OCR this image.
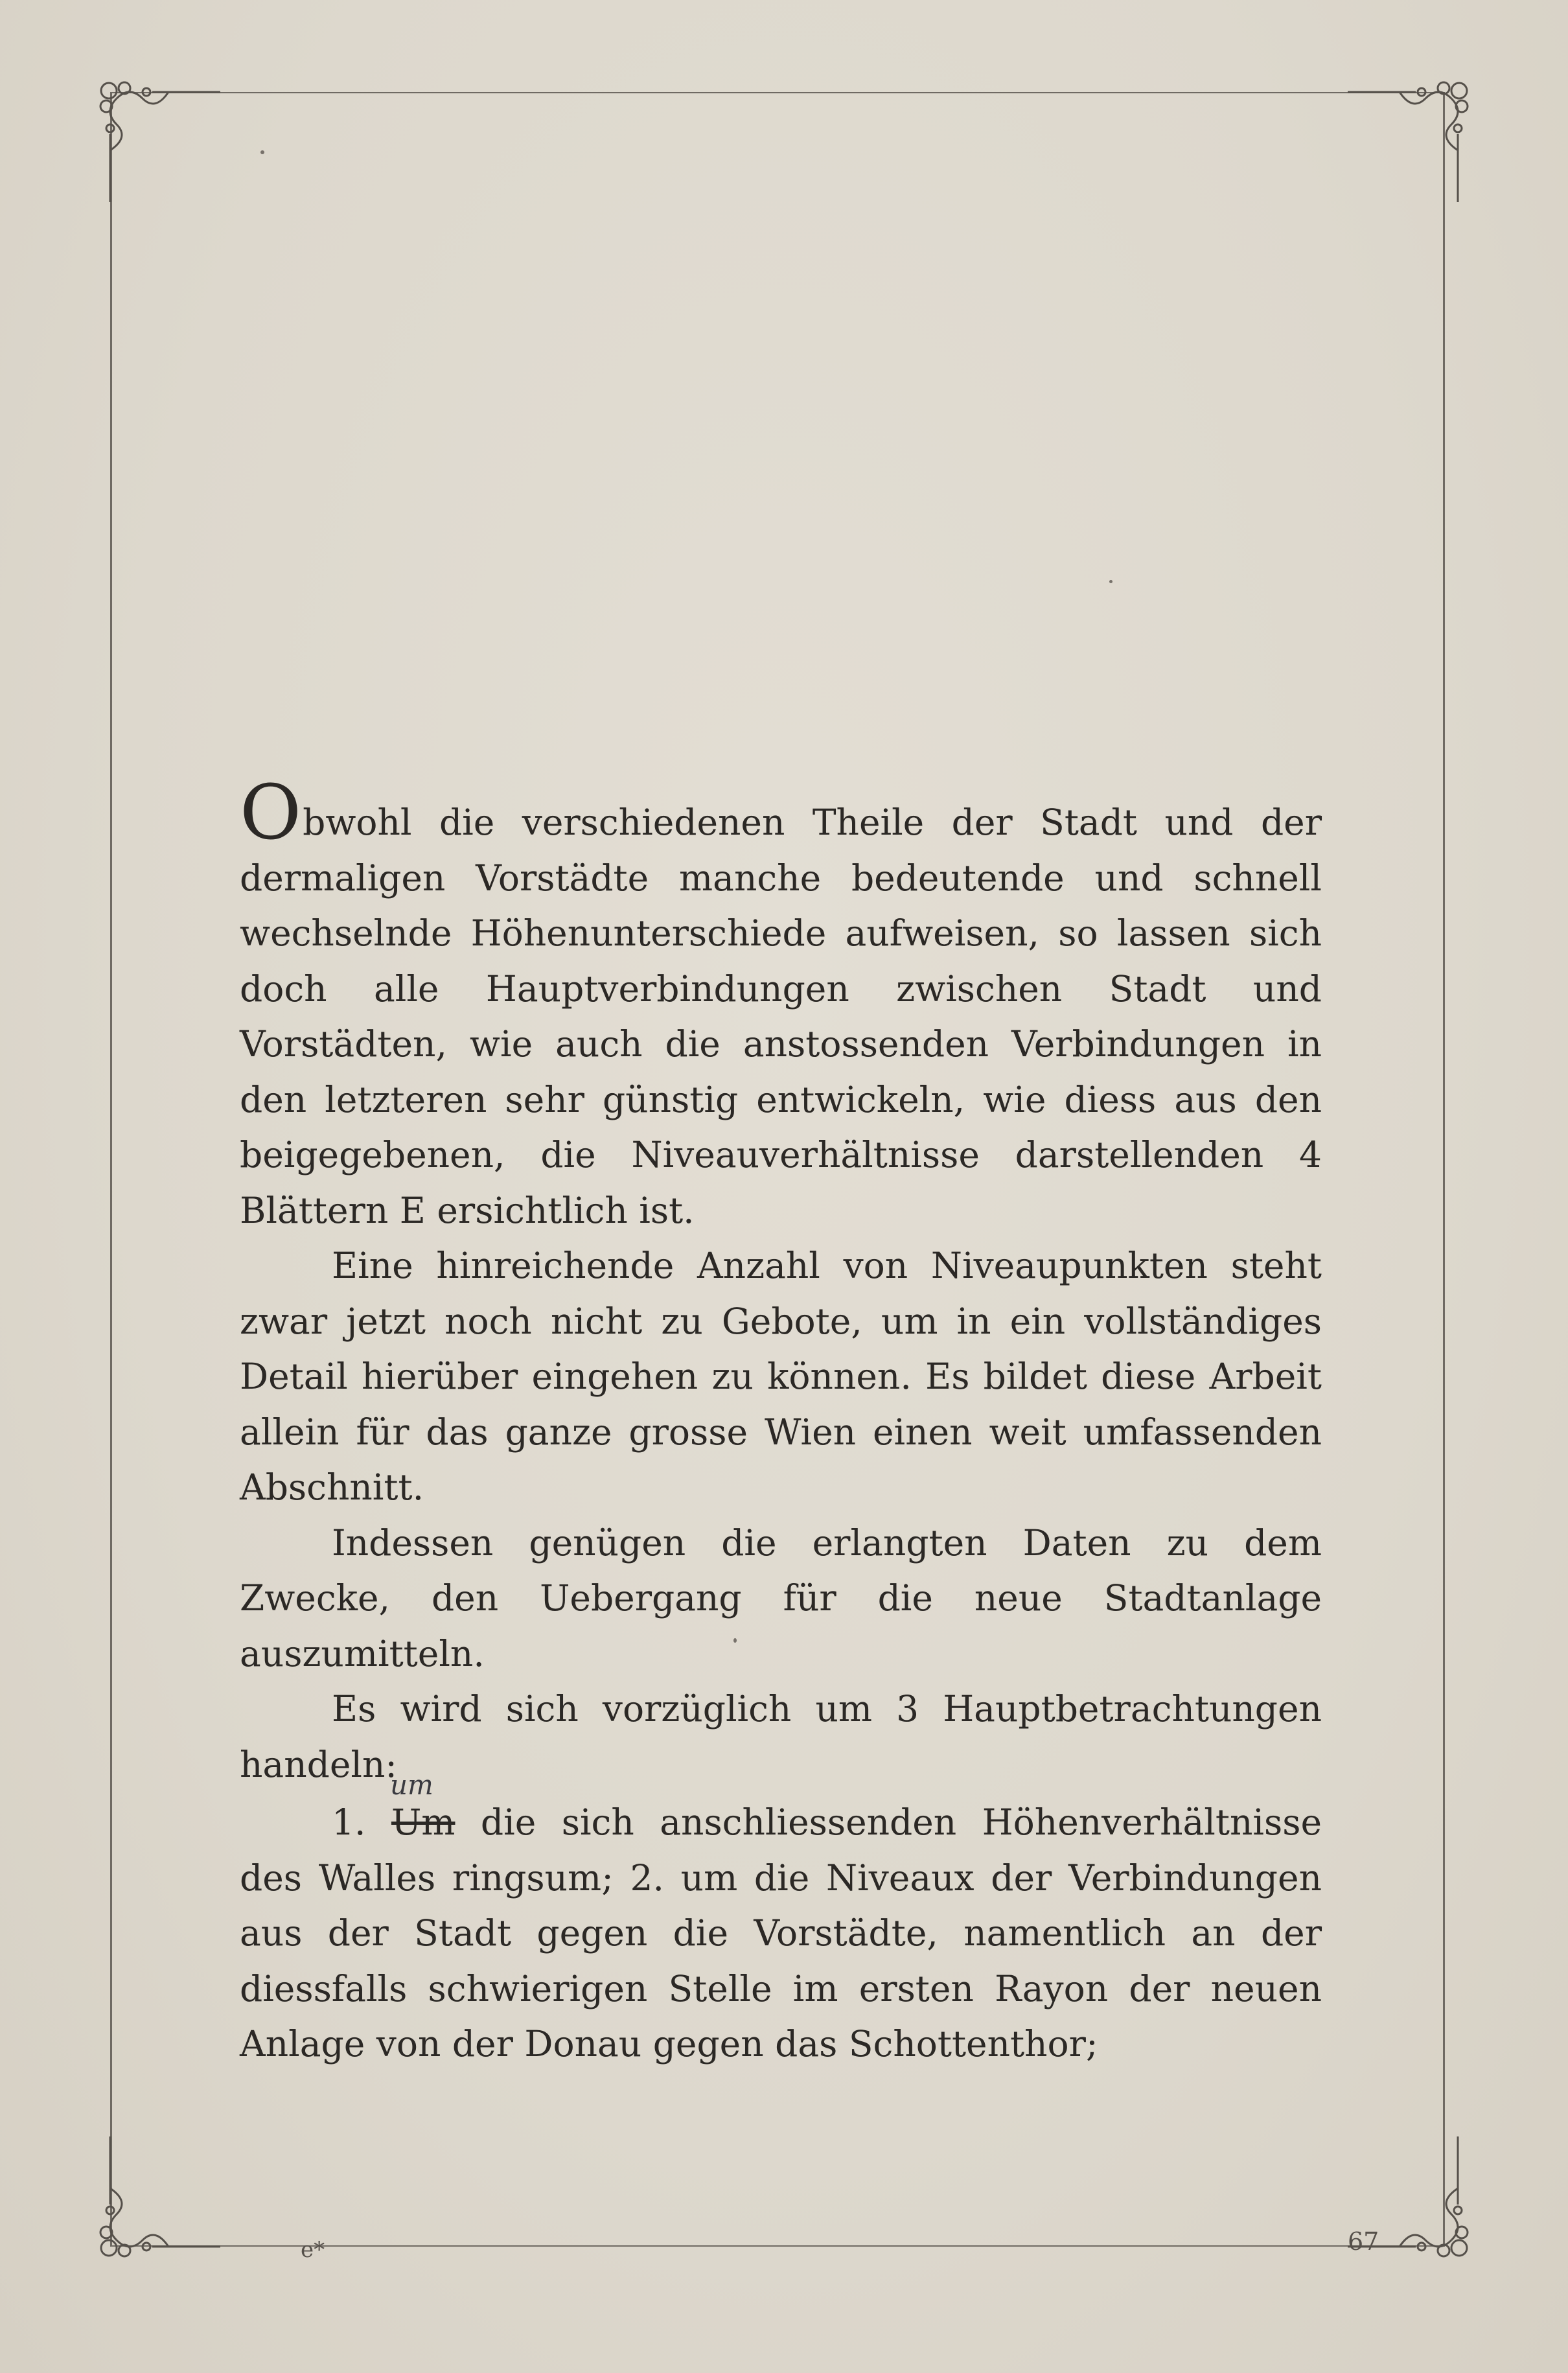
Obwohl die verschiedenen Theile der Stadt und der dermaligen Vorstädte manche bedeutende und schnell wechselnde Höhenunterschiede aufweisen, so lassen sich doch alle Hauptverbindungen zwischen Stadt und Vorstädten, wie auch die anstossenden Verbindungen in den letzteren sehr günstig entwickeln, wie diess aus den beigegebenen, die Niveauverhältnisse darstellenden 4 Blättern E ersichtlich ist.

Eine hinreichende Anzahl von Niveaupunkten steht zwar jetzt noch nicht zu Gebote, um in ein vollständiges Detail hierüber eingehen zu können. Es bildet diese Arbeit allein für das ganze grosse Wien einen weit umfassenden Abschnitt.

Indessen genügen die erlangten Daten zu dem Zwecke, den Uebergang für die neue Stadtanlage auszumitteln.

Es wird sich vorzüglich um 3 Hauptbetrachtungen handeln:

1. Um die sich anschliessenden Höhenverhältnisse des Walles ringsum; 2. um die Niveaux der Verbindungen aus der Stadt gegen die Vorstädte, namentlich an der diessfalls schwierigen Stelle im ersten Rayon der neuen Anlage von der Donau gegen das Schottenthor;

um
e*	67
